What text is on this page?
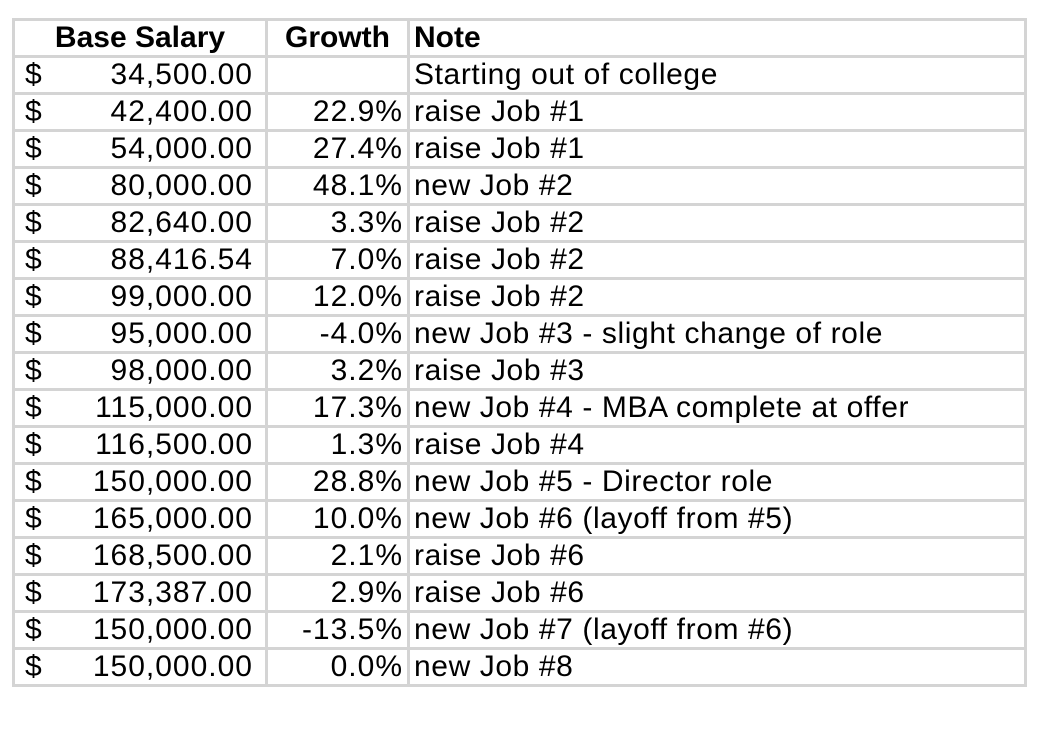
Base Salary	Growth	Note

$ 34,500.00		Starting out of college

$ 42,400.00	22.9%	raise Job #1

$ 54,000.00	27.4%	raise Job #1

$ 80,000.00	48.1%	new Job #2

$ 82,640.00	3.3%	raise Job #2

$ 88,416.54	7.0%	raise Job #2

$ 99,000.00	12.0%	raise Job #2

$ 95,000.00	-4.0%	new Job #3 - slight change of role

$ 98,000.00	3.2%	raise Job #3

$ 115,000.00	17.3%	new Job #4 - MBA complete at offer

$ 116,500.00	1.3%	raise Job #4

$ 150,000.00	28.8%	new Job #5 - Director role

$ 165,000.00	10.0%	new Job #6 (layoff from #5)

$ 168,500.00	2.1%	raise Job #6

$ 173,387.00	2.9%	raise Job #6

$ 150,000.00	-13.5%	new Job #7 (layoff from #6)

$ 150,000.00	0.0%	new Job #8
